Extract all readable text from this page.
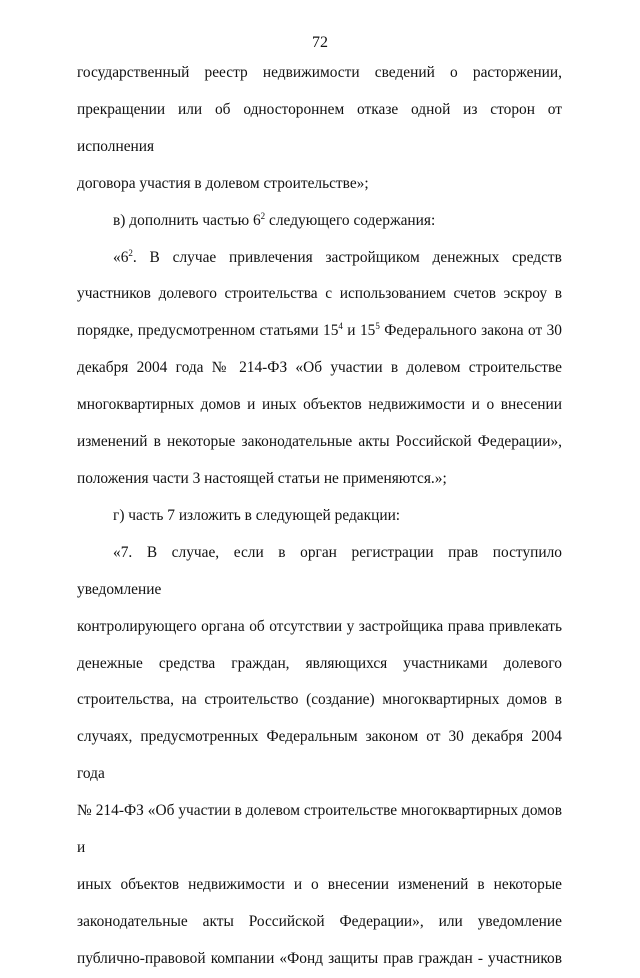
72
государственный реестр недвижимости сведений о расторжении,
прекращении или об одностороннем отказе одной из сторон от исполнения
договора участия в долевом строительстве»;
в) дополнить частью $6^2$ следующего содержания:
«$6^2$. В случае привлечения застройщиком денежных средств
участников долевого строительства с использованием счетов эскроу в
порядке, предусмотренном статьями $15^4$ и $15^5$ Федерального закона от 30
декабря 2004 года № 214-ФЗ «Об участии в долевом строительстве
многоквартирных домов и иных объектов недвижимости и о внесении
изменений в некоторые законодательные акты Российской Федерации»,
положения части 3 настоящей статьи не применяются.»;
г) часть 7 изложить в следующей редакции:
«7. В случае, если в орган регистрации прав поступило уведомление
контролирующего органа об отсутствии у застройщика права привлекать
денежные средства граждан, являющихся участниками долевого
строительства, на строительство (создание) многоквартирных домов в
случаях, предусмотренных Федеральным законом от 30 декабря 2004 года
№ 214-ФЗ «Об участии в долевом строительстве многоквартирных домов и
иных объектов недвижимости и о внесении изменений в некоторые
законодательные акты Российской Федерации», или уведомление
публично-правовой компании «Фонд защиты прав граждан - участников
